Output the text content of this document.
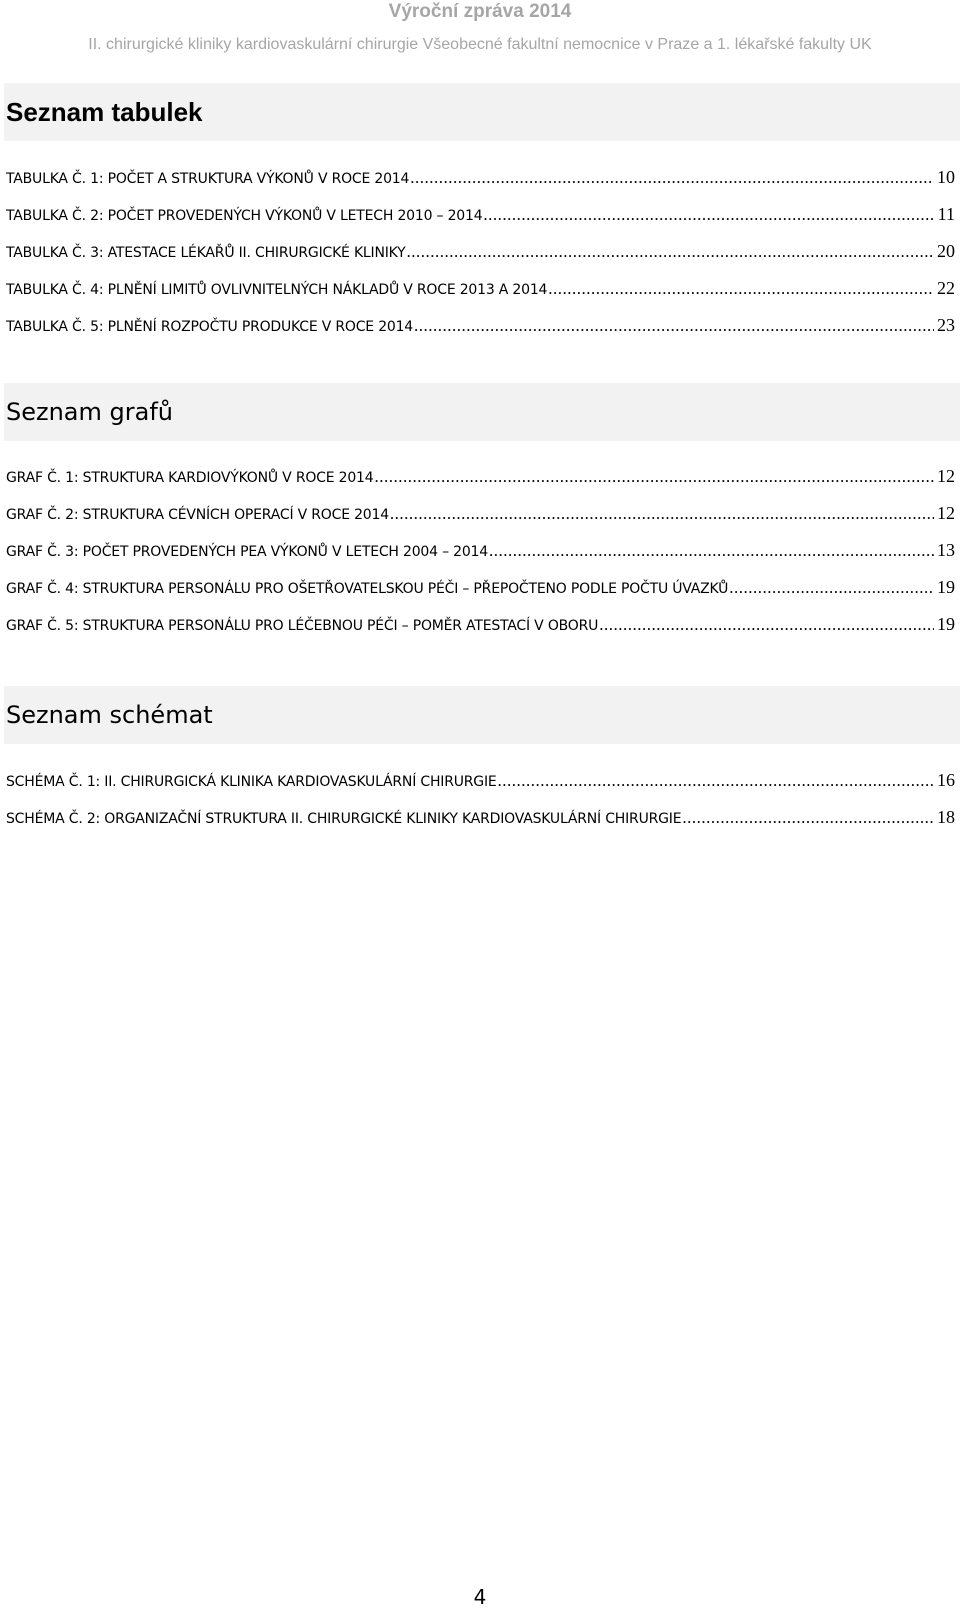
Výroční zpráva 2014
II. chirurgické kliniky kardiovaskulární chirurgie Všeobecné fakultní nemocnice v Praze a 1. lékařské fakulty UK
Seznam tabulek
TABULKA Č. 1: POČET A STRUKTURA VÝKONŮ V ROCE 2014 .....	10
TABULKA Č. 2: POČET PROVEDENÝCH VÝKONŮ V LETECH 2010 – 2014 .....	11
TABULKA Č. 3: ATESTACE LÉKAŘŮ II. CHIRURGICKÉ KLINIKY .....	20
TABULKA Č. 4: PLNĚNÍ LIMITŮ OVLIVNITELNÝCH NÁKLADŮ V ROCE 2013 A 2014 .....	22
TABULKA Č. 5: PLNĚNÍ ROZPOČTU PRODUKCE V ROCE 2014 .....	23
Seznam grafů
GRAF Č. 1: STRUKTURA KARDIOVÝKONŮ V ROCE 2014 .....	12
GRAF Č. 2: STRUKTURA CÉVNÍCH OPERACÍ V ROCE 2014 .....	12
GRAF Č. 3: POČET PROVEDENÝCH PEA VÝKONŮ V LETECH 2004 – 2014 .....	13
GRAF Č. 4: STRUKTURA PERSONÁLU PRO OŠETŘOVATELSKOU PÉČI – PŘEPOČTENO PODLE POČTU ÚVAZKŮ .....	19
GRAF Č. 5: STRUKTURA PERSONÁLU PRO LÉČEBNOU PÉČI – POMĚR ATESTACÍ V OBORU .....	19
Seznam schémat
SCHÉMA Č. 1: II. CHIRURGICKÁ KLINIKA KARDIOVASKULÁRNÍ CHIRURGIE .....	16
SCHÉMA Č. 2: ORGANIZAČNÍ STRUKTURA II. CHIRURGICKÉ KLINIKY KARDIOVASKULÁRNÍ CHIRURGIE .....	18
4
